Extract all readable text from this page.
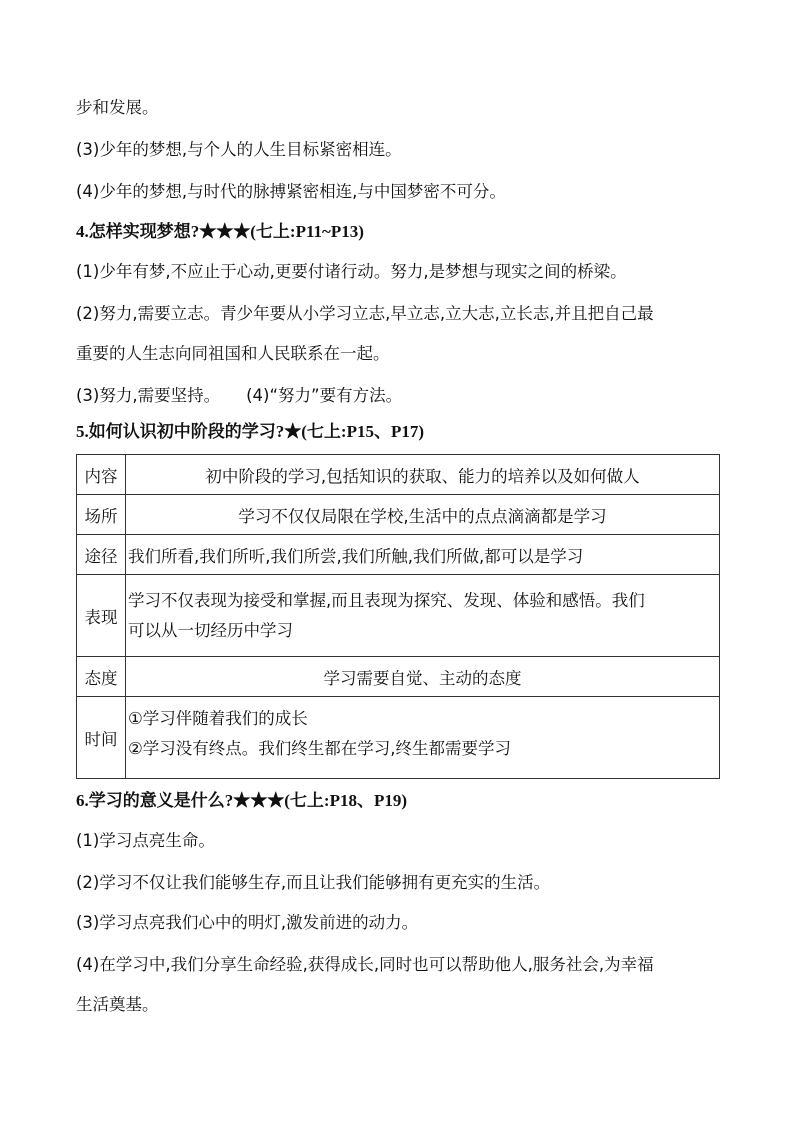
步和发展。

(3)少年的梦想,与个人的人生目标紧密相连。

(4)少年的梦想,与时代的脉搏紧密相连,与中国梦密不可分。

4.怎样实现梦想?★★★(七上:P11~P13)

(1)少年有梦,不应止于心动,更要付诸行动。努力,是梦想与现实之间的桥梁。

(2)努力,需要立志。青少年要从小学习立志,早立志,立大志,立长志,并且把自己最

重要的人生志向同祖国和人民联系在一起。

(3)努力,需要坚持。 (4)“努力”要有方法。

5.如何认识初中阶段的学习?★(七上:P15、P17)

内容	初中阶段的学习,包括知识的获取、能力的培养以及如何做人
场所	学习不仅仅局限在学校,生活中的点点滴滴都是学习
途径	我们所看,我们所听,我们所尝,我们所触,我们所做,都可以是学习
表现	学习不仅表现为接受和掌握,而且表现为探究、发现、体验和感悟。我们
可以从一切经历中学习

态度	学习需要自觉、主动的态度
时间	①学习伴随着我们的成长
②学习没有终点。我们终生都在学习,终生都需要学习

6.学习的意义是什么?★★★(七上:P18、P19)

(1)学习点亮生命。

(2)学习不仅让我们能够生存,而且让我们能够拥有更充实的生活。

(3)学习点亮我们心中的明灯,激发前进的动力。

(4)在学习中,我们分享生命经验,获得成长,同时也可以帮助他人,服务社会,为幸福

生活奠基。
